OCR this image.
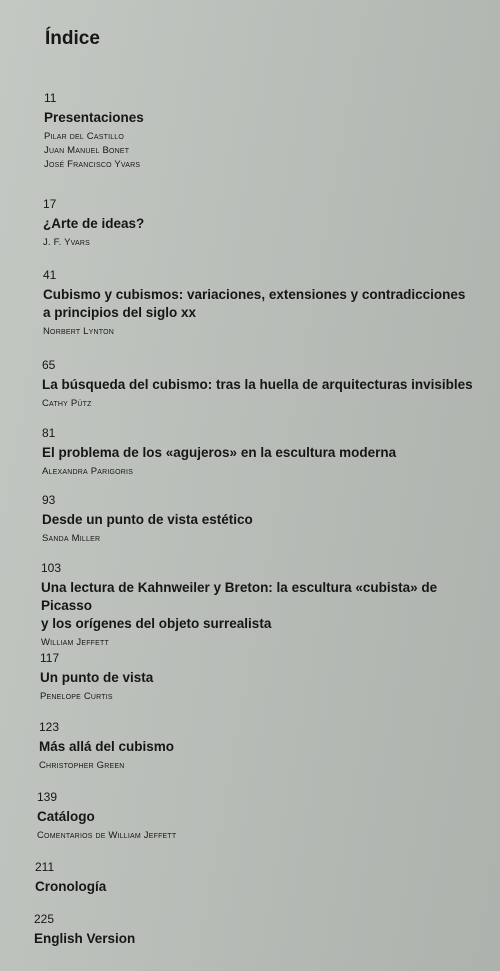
Índice
11
Presentaciones
Pilar del Castillo
Juan Manuel Bonet
José Francisco Yvars
17
¿Arte de ideas?
J. F. Yvars
41
Cubismo y cubismos: variaciones, extensiones y contradicciones
a principios del siglo xx
Norbert Lynton
65
La búsqueda del cubismo: tras la huella de arquitecturas invisibles
Cathy Pütz
81
El problema de los «agujeros» en la escultura moderna
Alexandra Parigoris
93
Desde un punto de vista estético
Sanda Miller
103
Una lectura de Kahnweiler y Breton: la escultura «cubista» de Picasso
y los orígenes del objeto surrealista
William Jeffett
117
Un punto de vista
Penelope Curtis
123
Más allá del cubismo
Christopher Green
139
Catálogo
Comentarios de William Jeffett
211
Cronología
225
English Version
